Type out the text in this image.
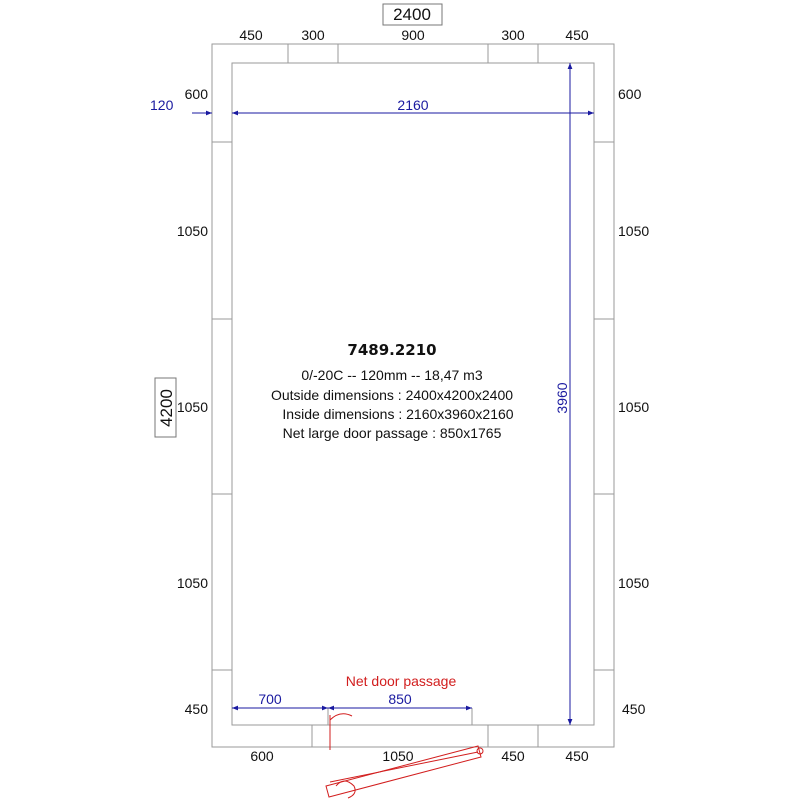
2400
4200
450	300	900	300	450
600
1050
1050
1050
450
600
1050
1050
1050
450
600	1050	450	450
120	2160
3960
700	850
Net door passage
7489.2210
0/-20C -- 120mm -- 18,47 m3
Outside dimensions : 2400x4200x2400
Inside dimensions : 2160x3960x2160
Net large door passage : 850x1765
